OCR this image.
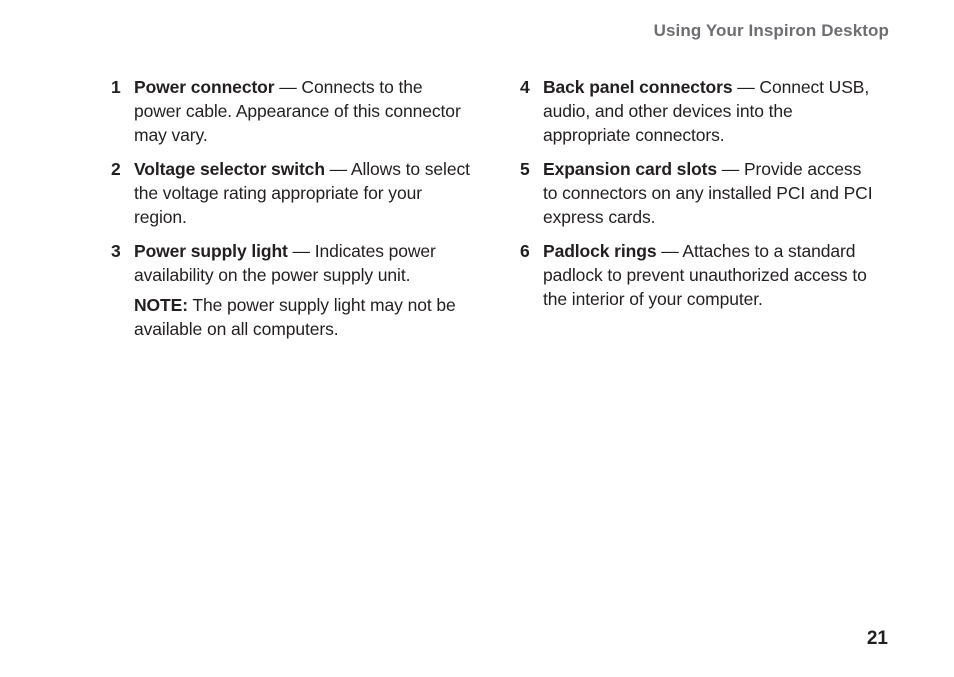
Using Your Inspiron Desktop
1 Power connector — Connects to the power cable. Appearance of this connector may vary.
2 Voltage selector switch — Allows to select the voltage rating appropriate for your region.
3 Power supply light — Indicates power availability on the power supply unit.
NOTE: The power supply light may not be available on all computers.
4 Back panel connectors — Connect USB, audio, and other devices into the appropriate connectors.
5 Expansion card slots — Provide access to connectors on any installed PCI and PCI express cards.
6 Padlock rings — Attaches to a standard padlock to prevent unauthorized access to the interior of your computer.
21
